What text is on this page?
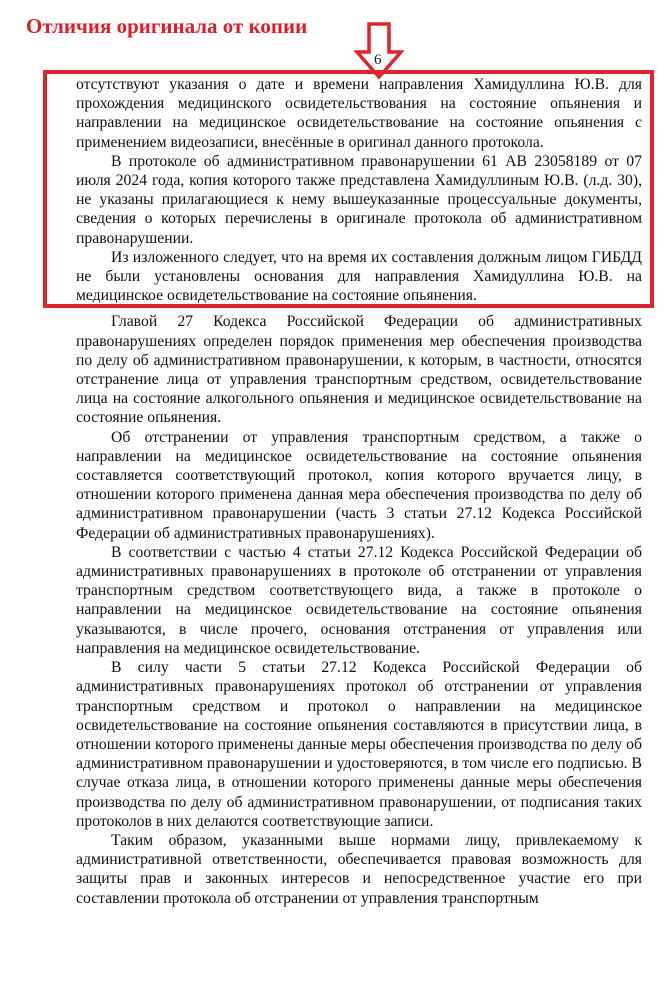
Отличия оригинала от копии
6

отсутствуют указания о дате и времени направления Хамидуллина Ю.В. для прохождения медицинского освидетельствования на состояние опьянения и направлении на медицинское освидетельствование на состояние опьянения с применением видеозаписи, внесённые в оригинал данного протокола.

В протоколе об административном правонарушении 61 АВ 23058189 от 07 июля 2024 года, копия которого также представлена Хамидуллиным Ю.В. (л.д. 30), не указаны прилагающиеся к нему вышеуказанные процессуальные документы, сведения о которых перечислены в оригинале протокола об административном правонарушении.

Из изложенного следует, что на время их составления должным лицом ГИБДД не были установлены основания для направления Хамидуллина Ю.В. на медицинское освидетельствование на состояние опьянения.

Главой 27 Кодекса Российской Федерации об административных правонарушениях определен порядок применения мер обеспечения производства по делу об административном правонарушении, к которым, в частности, относятся отстранение лица от управления транспортным средством, освидетельствование лица на состояние алкогольного опьянения и медицинское освидетельствование на состояние опьянения.

Об отстранении от управления транспортным средством, а также о направлении на медицинское освидетельствование на состояние опьянения составляется соответствующий протокол, копия которого вручается лицу, в отношении которого применена данная мера обеспечения производства по делу об административном правонарушении (часть 3 статьи 27.12 Кодекса Российской Федерации об административных правонарушениях).

В соответствии с частью 4 статьи 27.12 Кодекса Российской Федерации об административных правонарушениях в протоколе об отстранении от управления транспортным средством соответствующего вида, а также в протоколе о направлении на медицинское освидетельствование на состояние опьянения указываются, в числе прочего, основания отстранения от управления или направления на медицинское освидетельствование.

В силу части 5 статьи 27.12 Кодекса Российской Федерации об административных правонарушениях протокол об отстранении от управления транспортным средством и протокол о направлении на медицинское освидетельствование на состояние опьянения составляются в присутствии лица, в отношении которого применены данные меры обеспечения производства по делу об административном правонарушении и удостоверяются, в том числе его подписью. В случае отказа лица, в отношении которого применены данные меры обеспечения производства по делу об административном правонарушении, от подписания таких протоколов в них делаются соответствующие записи.

Таким образом, указанными выше нормами лицу, привлекаемому к административной ответственности, обеспечивается правовая возможность для защиты прав и законных интересов и непосредственное участие его при составлении протокола об отстранении от управления транспортным
